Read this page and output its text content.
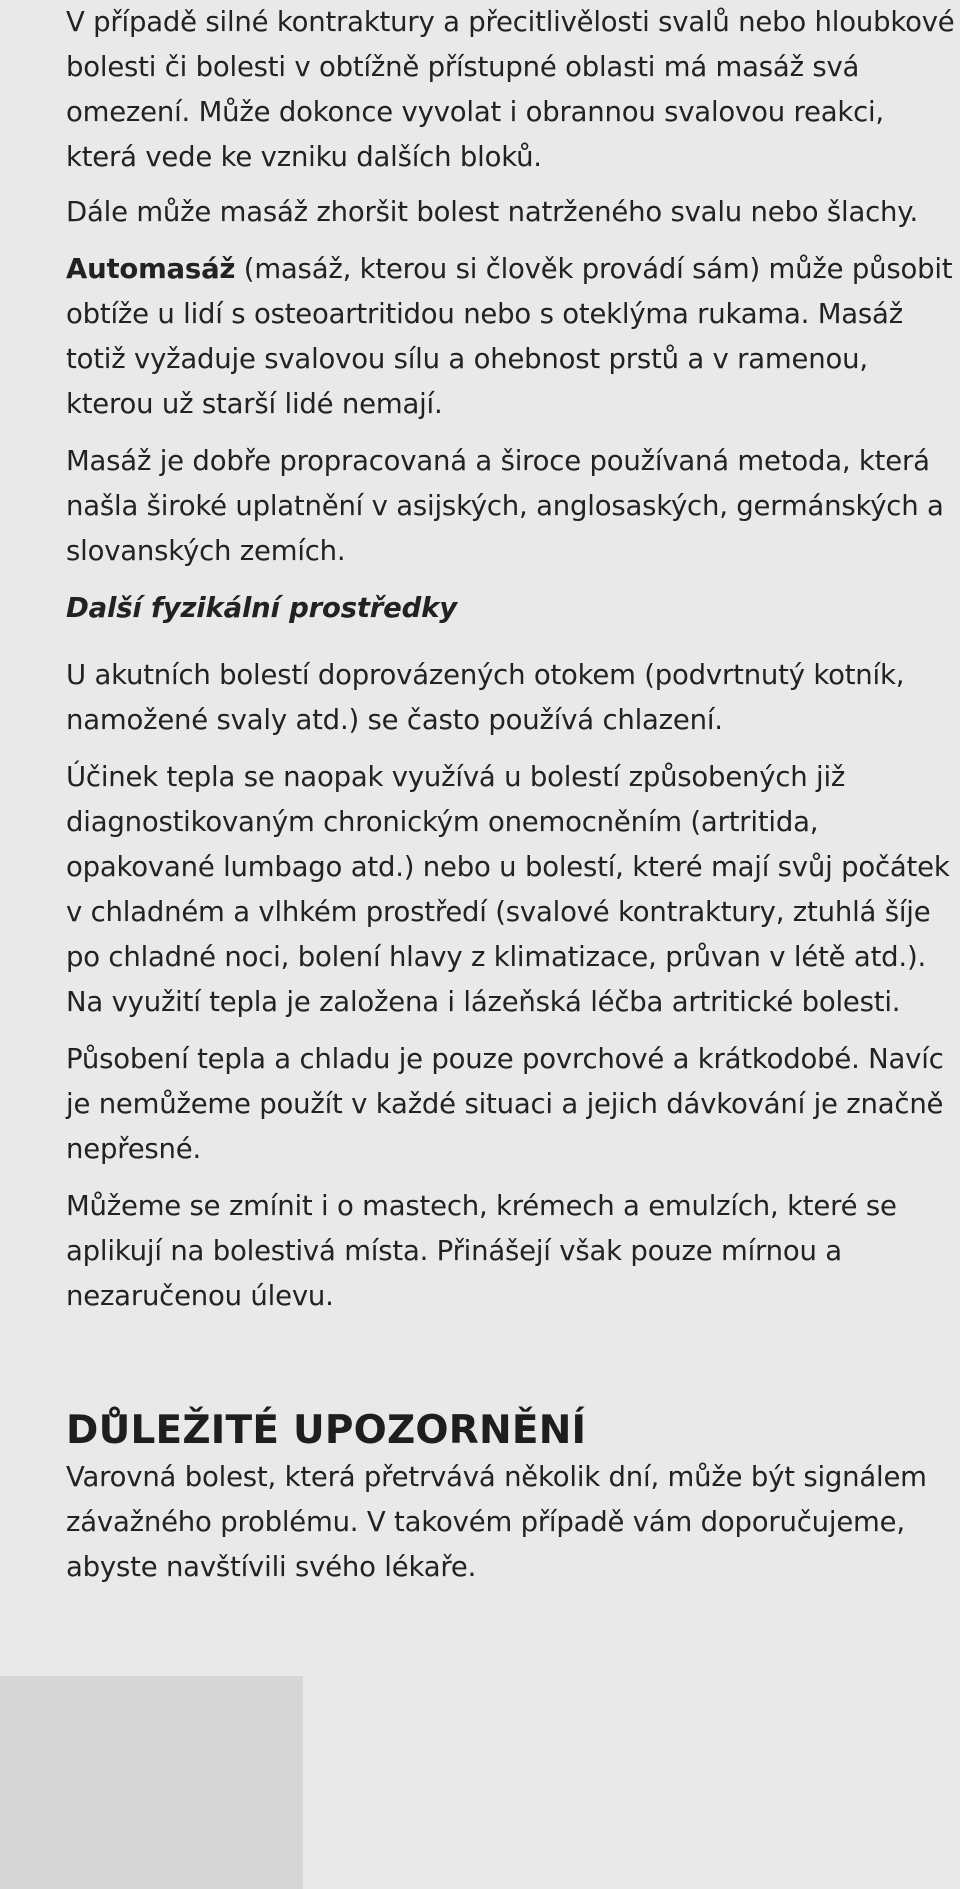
V případě silné kontraktury a přecitlivělosti svalů nebo hloubkové bolesti či bolesti v obtížně přístupné oblasti má masáž svá omezení. Může dokonce vyvolat i obrannou svalovou reakci, která vede ke vzniku dalších bloků.

Dále může masáž zhoršit bolest natrženého svalu nebo šlachy.

Automasáž (masáž, kterou si člověk provádí sám) může působit obtíže u lidí s osteoartritidou nebo s oteklýma rukama. Masáž totiž vyžaduje svalovou sílu a ohebnost prstů a v ramenou, kterou už starší lidé nemají.

Masáž je dobře propracovaná a široce používaná metoda, která našla široké uplatnění v asijských, anglosaských, germánských a slovanských zemích.

Další fyzikální prostředky

U akutních bolestí doprovázených otokem (podvrtnutý kotník, namožené svaly atd.) se často používá chlazení.

Účinek tepla se naopak využívá u bolestí způsobených již diagnostikovaným chronickým onemocněním (artritida, opakované lumbago atd.) nebo u bolestí, které mají svůj počátek v chladném a vlhkém prostředí (svalové kontraktury, ztuhlá šíje po chladné noci, bolení hlavy z klimatizace, průvan v létě atd.). Na využití tepla je založena i lázeňská léčba artritické bolesti.

Působení tepla a chladu je pouze povrchové a krátkodobé. Navíc je nemůžeme použít v každé situaci a jejich dávkování je značně nepřesné.

Můžeme se zmínit i o mastech, krémech a emulzích, které se aplikují na bolestivá místa. Přinášejí však pouze mírnou a nezaručenou úlevu.

DŮLEŽITÉ UPOZORNĚNÍ

Varovná bolest, která přetrvává několik dní, může být signálem závažného problému. V takovém případě vám doporučujeme, abyste navštívili svého lékaře.
